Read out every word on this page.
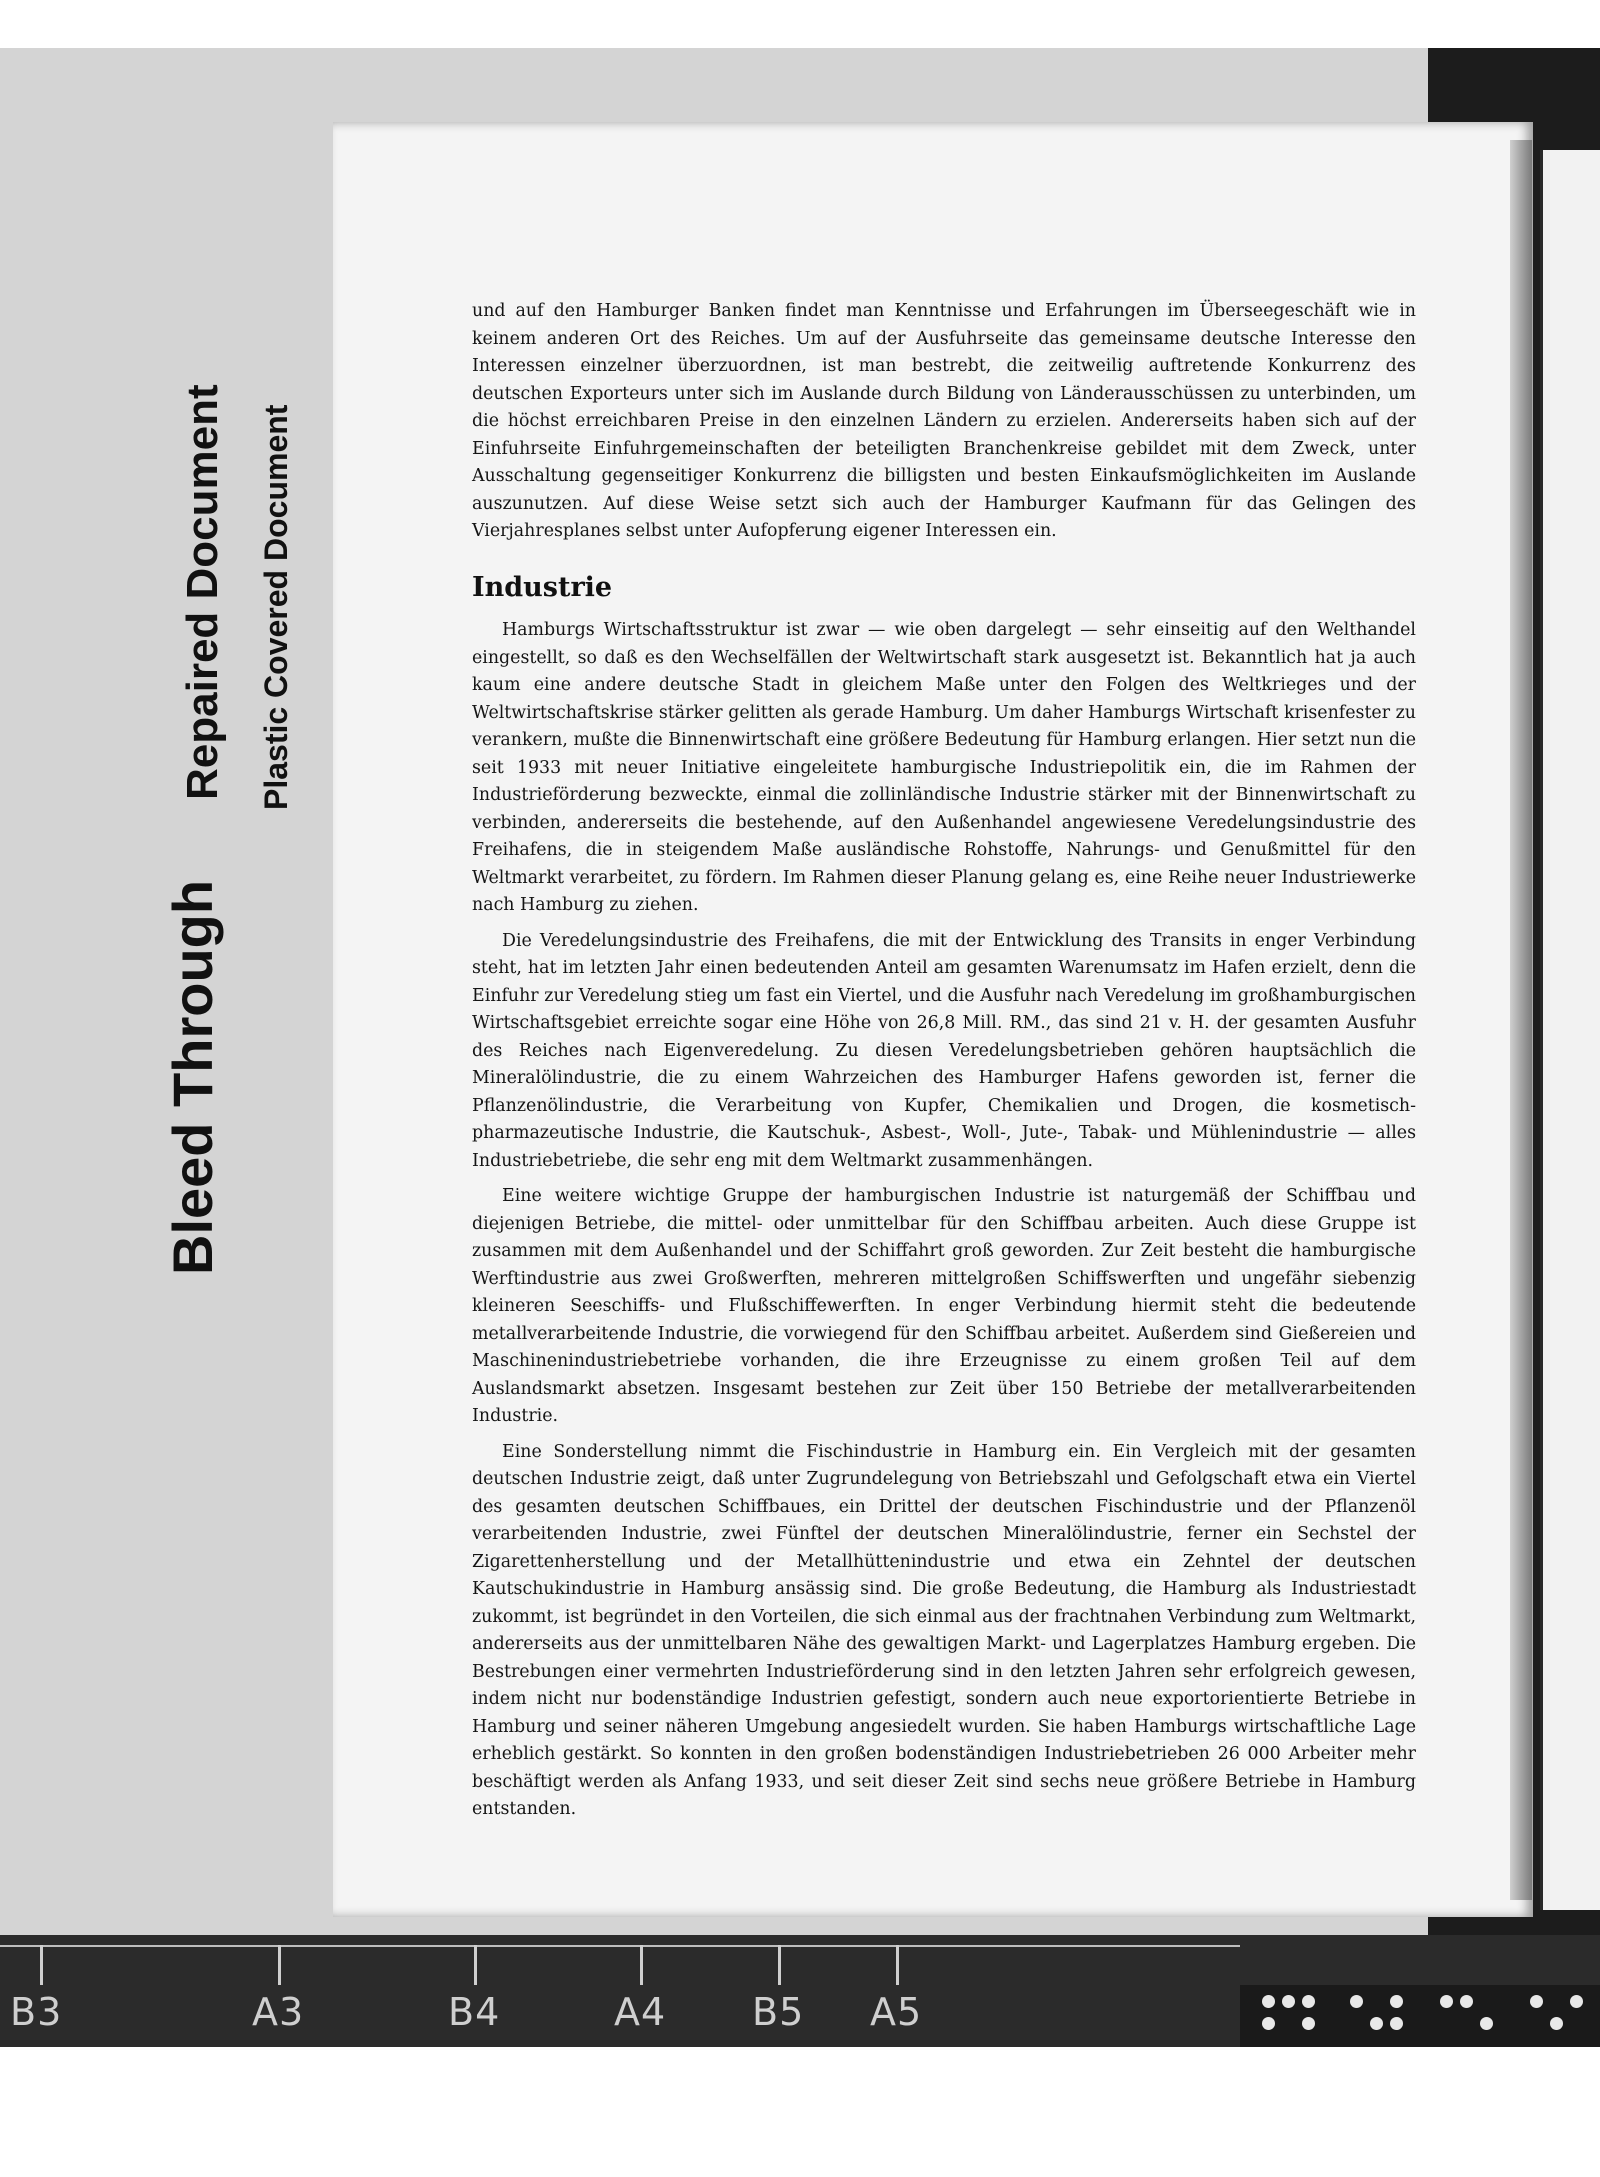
Bleed Through
Repaired Document Plastic Covered Document

und auf den Hamburger Banken findet man Kenntnisse und Erfahrungen im Überseegeschäft wie in keinem anderen Ort des Reiches. Um auf der Ausfuhrseite das gemeinsame deutsche Interesse den Interessen einzelner überzuordnen, ist man bestrebt, die zeitweilig auftretende Konkurrenz des deutschen Exporteurs unter sich im Auslande durch Bildung von Länderausschüssen zu unterbinden, um die höchst erreichbaren Preise in den einzelnen Ländern zu erzielen. Andererseits haben sich auf der Einfuhrseite Einfuhrgemeinschaften der beteiligten Branchenkreise gebildet mit dem Zweck, unter Ausschaltung gegenseitiger Konkurrenz die billigsten und besten Einkaufsmöglichkeiten im Auslande auszunutzen. Auf diese Weise setzt sich auch der Hamburger Kaufmann für das Gelingen des Vierjahresplanes selbst unter Aufopferung eigener Interessen ein.

Industrie

Hamburgs Wirtschaftsstruktur ist zwar — wie oben dargelegt — sehr einseitig auf den Welthandel eingestellt, so daß es den Wechselfällen der Weltwirtschaft stark ausgesetzt ist. Bekanntlich hat ja auch kaum eine andere deutsche Stadt in gleichem Maße unter den Folgen des Weltkrieges und der Weltwirtschaftskrise stärker gelitten als gerade Hamburg. Um daher Hamburgs Wirtschaft krisenfester zu verankern, mußte die Binnenwirtschaft eine größere Bedeutung für Hamburg erlangen. Hier setzt nun die seit 1933 mit neuer Initiative eingeleitete hamburgische Industriepolitik ein, die im Rahmen der Industrieförderung bezweckte, einmal die zollinländische Industrie stärker mit der Binnenwirtschaft zu verbinden, andererseits die bestehende, auf den Außenhandel angewiesene Veredelungsindustrie des Freihafens, die in steigendem Maße ausländische Rohstoffe, Nahrungs- und Genußmittel für den Weltmarkt verarbeitet, zu fördern. Im Rahmen dieser Planung gelang es, eine Reihe neuer Industriewerke nach Hamburg zu ziehen.

Die Veredelungsindustrie des Freihafens, die mit der Entwicklung des Transits in enger Verbindung steht, hat im letzten Jahr einen bedeutenden Anteil am gesamten Warenumsatz im Hafen erzielt, denn die Einfuhr zur Veredelung stieg um fast ein Viertel, und die Ausfuhr nach Veredelung im großhamburgischen Wirtschaftsgebiet erreichte sogar eine Höhe von 26,8 Mill. RM., das sind 21 v. H. der gesamten Ausfuhr des Reiches nach Eigenveredelung. Zu diesen Veredelungsbetrieben gehören hauptsächlich die Mineralölindustrie, die zu einem Wahrzeichen des Hamburger Hafens geworden ist, ferner die Pflanzenölindustrie, die Verarbeitung von Kupfer, Chemikalien und Drogen, die kosmetisch-pharmazeutische Industrie, die Kautschuk-, Asbest-, Woll-, Jute-, Tabak- und Mühlenindustrie — alles Industriebetriebe, die sehr eng mit dem Weltmarkt zusammenhängen.

Eine weitere wichtige Gruppe der hamburgischen Industrie ist naturgemäß der Schiffbau und diejenigen Betriebe, die mittel- oder unmittelbar für den Schiffbau arbeiten. Auch diese Gruppe ist zusammen mit dem Außenhandel und der Schiffahrt groß geworden. Zur Zeit besteht die hamburgische Werftindustrie aus zwei Großwerften, mehreren mittelgroßen Schiffswerften und ungefähr siebenzig kleineren Seeschiffs- und Flußschiffewerften. In enger Verbindung hiermit steht die bedeutende metallverarbeitende Industrie, die vorwiegend für den Schiffbau arbeitet. Außerdem sind Gießereien und Maschinenindustriebetriebe vorhanden, die ihre Erzeugnisse zu einem großen Teil auf dem Auslandsmarkt absetzen. Insgesamt bestehen zur Zeit über 150 Betriebe der metallverarbeitenden Industrie.

Eine Sonderstellung nimmt die Fischindustrie in Hamburg ein. Ein Vergleich mit der gesamten deutschen Industrie zeigt, daß unter Zugrundelegung von Betriebszahl und Gefolgschaft etwa ein Viertel des gesamten deutschen Schiffbaues, ein Drittel der deutschen Fischindustrie und der Pflanzenöl verarbeitenden Industrie, zwei Fünftel der deutschen Mineralölindustrie, ferner ein Sechstel der Zigarettenherstellung und der Metallhüttenindustrie und etwa ein Zehntel der deutschen Kautschukindustrie in Hamburg ansässig sind. Die große Bedeutung, die Hamburg als Industriestadt zukommt, ist begründet in den Vorteilen, die sich einmal aus der frachtnahen Verbindung zum Weltmarkt, andererseits aus der unmittelbaren Nähe des gewaltigen Markt- und Lagerplatzes Hamburg ergeben. Die Bestrebungen einer vermehrten Industrieförderung sind in den letzten Jahren sehr erfolgreich gewesen, indem nicht nur bodenständige Industrien gefestigt, sondern auch neue exportorientierte Betriebe in Hamburg und seiner näheren Umgebung angesiedelt wurden. Sie haben Hamburgs wirtschaftliche Lage erheblich gestärkt. So konnten in den großen bodenständigen Industriebetrieben 26 000 Arbeiter mehr beschäftigt werden als Anfang 1933, und seit dieser Zeit sind sechs neue größere Betriebe in Hamburg entstanden.

B3	A3	B4	A4 B5 A5
